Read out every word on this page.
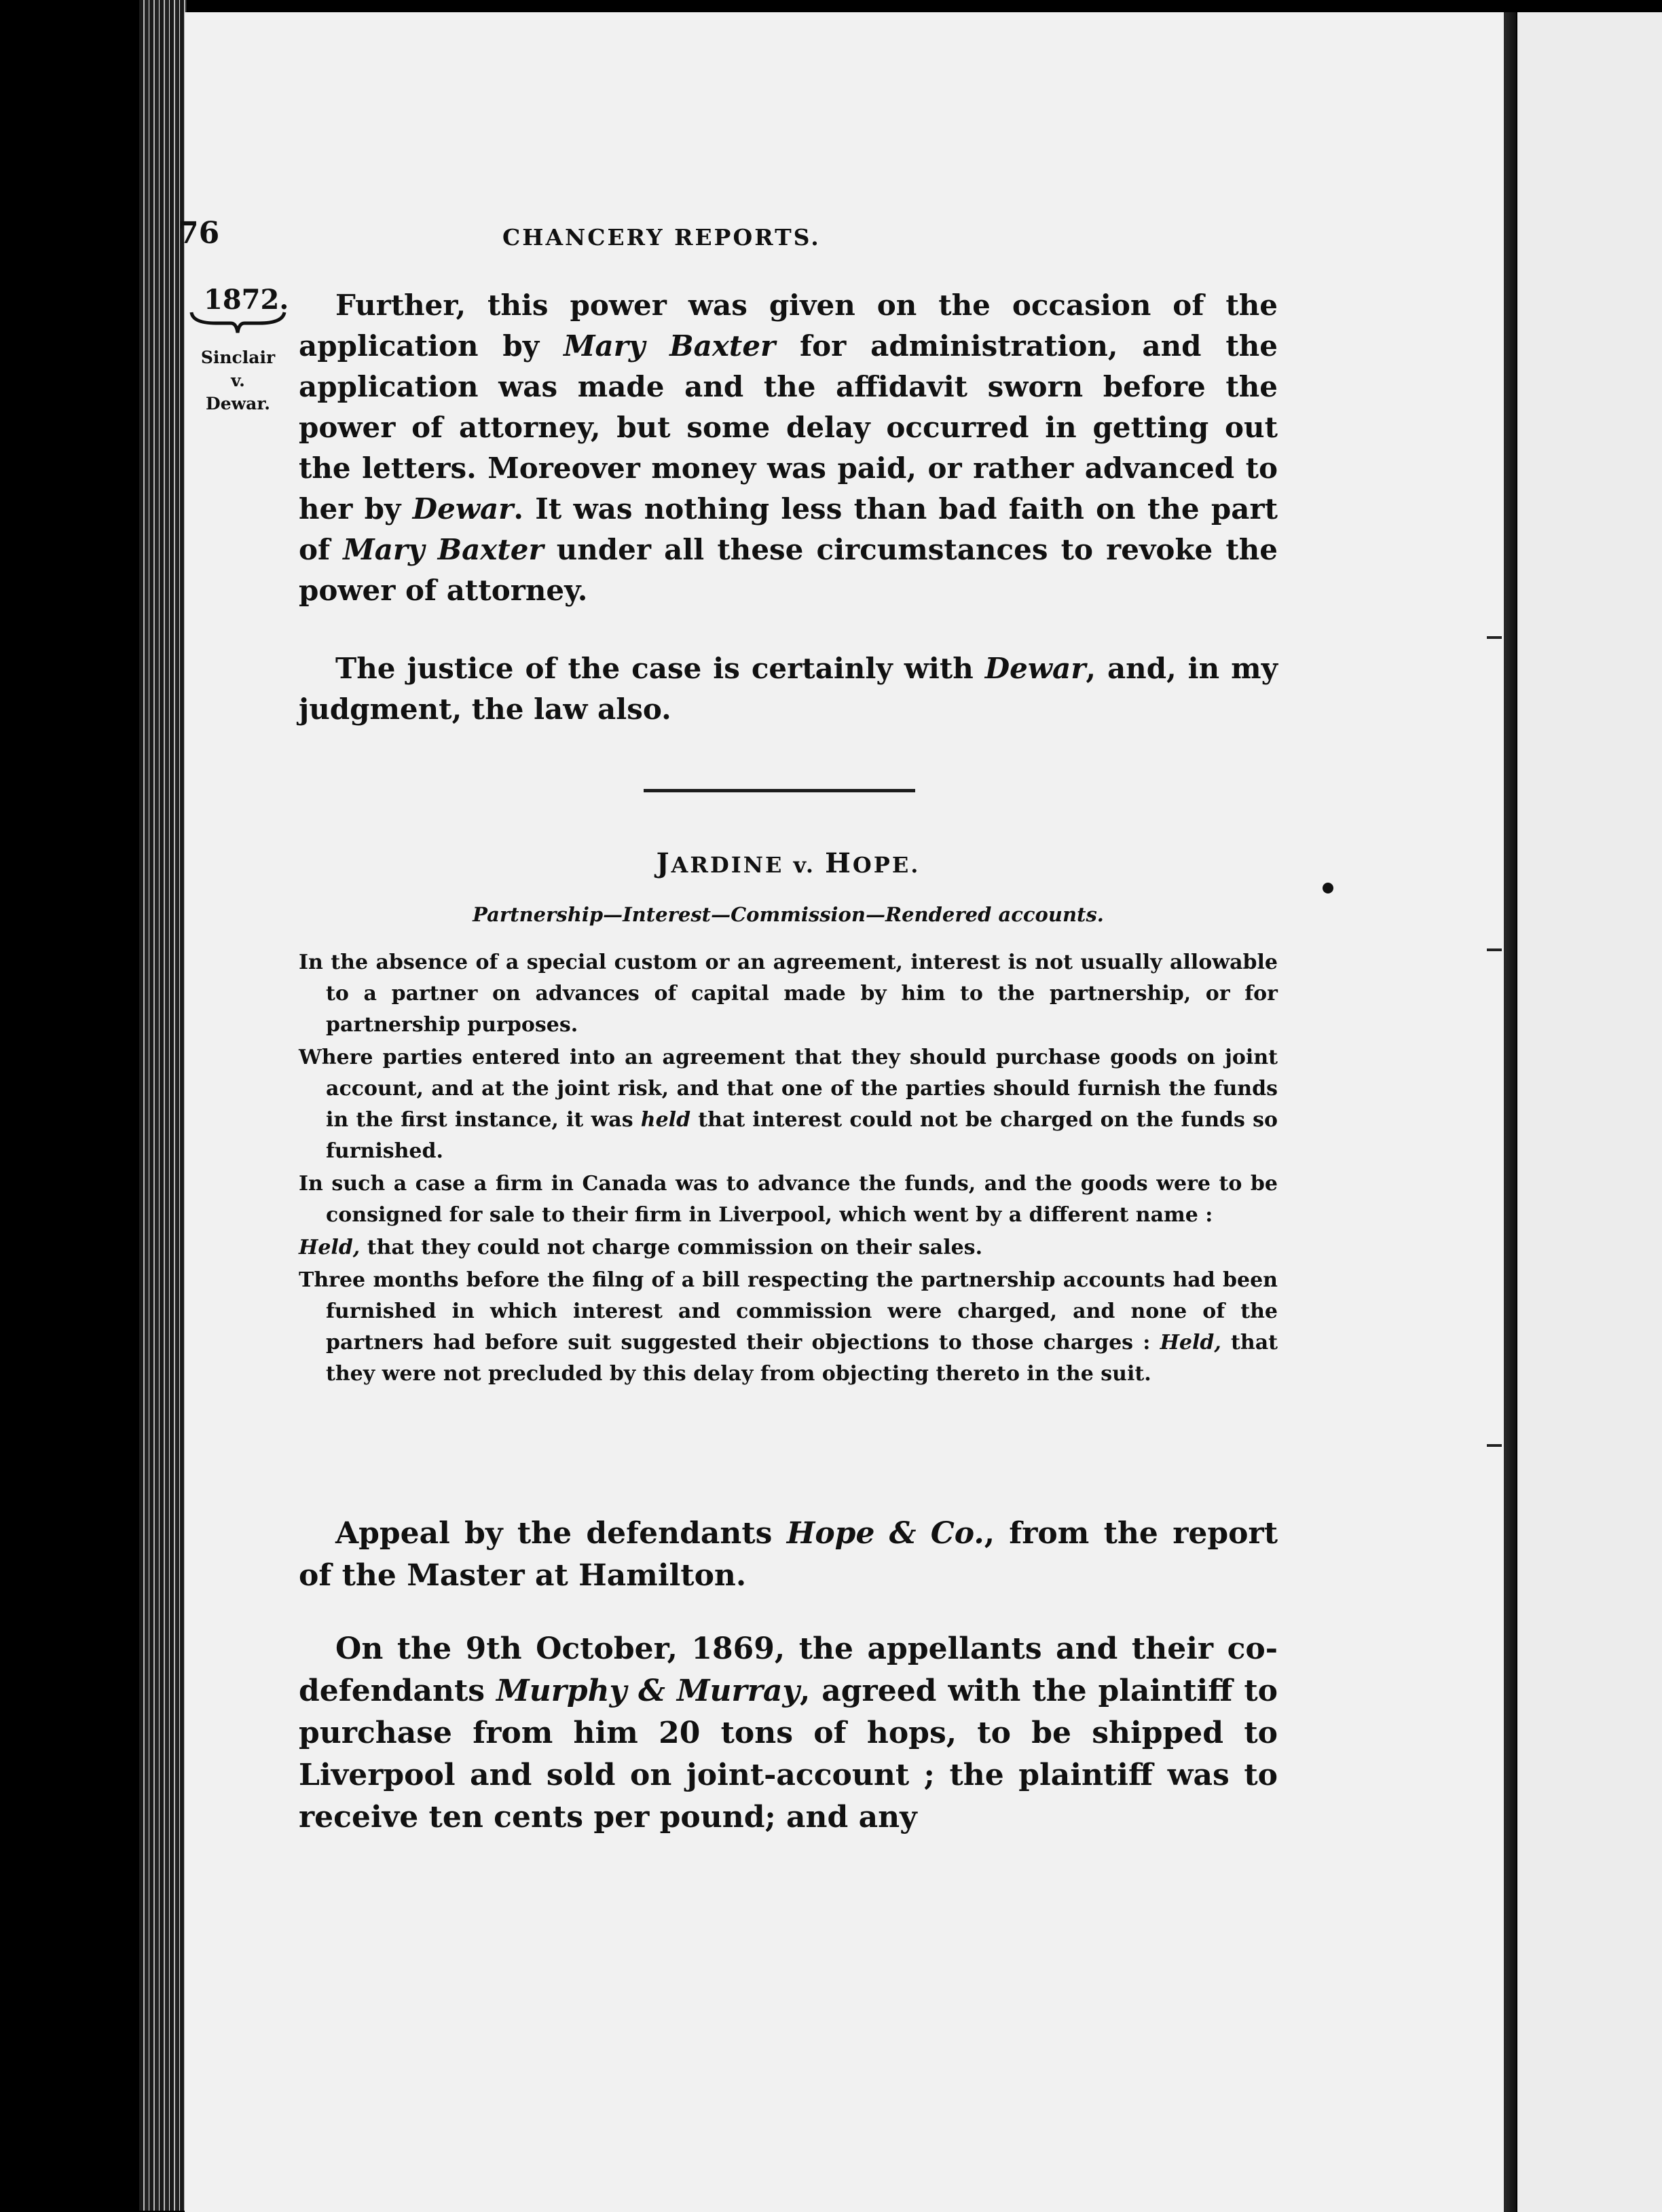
76	CHANCERY REPORTS.
1872.
Sinclair
v.
Dewar.

Further, this power was given on the occasion of the application by Mary Baxter for administration, and the application was made and the affidavit sworn before the power of attorney, but some delay occurred in getting out the letters. Moreover money was paid, or rather advanced to her by Dewar. It was nothing less than bad faith on the part of Mary Baxter under all these circumstances to revoke the power of attorney.

The justice of the case is certainly with Dewar, and, in my judgment, the law also.

JARDINE v. HOPE.
Partnership—Interest—Commission—Rendered accounts.

In the absence of a special custom or an agreement, interest is not usually allowable to a partner on advances of capital made by him to the partnership, or for partnership purposes.

Where parties entered into an agreement that they should purchase goods on joint account, and at the joint risk, and that one of the parties should furnish the funds in the first instance, it was held that interest could not be charged on the funds so furnished.

In such a case a firm in Canada was to advance the funds, and the goods were to be consigned for sale to their firm in Liverpool, which went by a different name :

Held, that they could not charge commission on their sales.

Three months before the filng of a bill respecting the partnership accounts had been furnished in which interest and commission were charged, and none of the partners had before suit suggested their objections to those charges : Held, that they were not precluded by this delay from objecting thereto in the suit.

Appeal by the defendants Hope & Co., from the report of the Master at Hamilton.

On the 9th October, 1869, the appellants and their co-defendants Murphy & Murray, agreed with the plaintiff to purchase from him 20 tons of hops, to be shipped to Liverpool and sold on joint-account ; the plaintiff was to receive ten cents per pound; and any
